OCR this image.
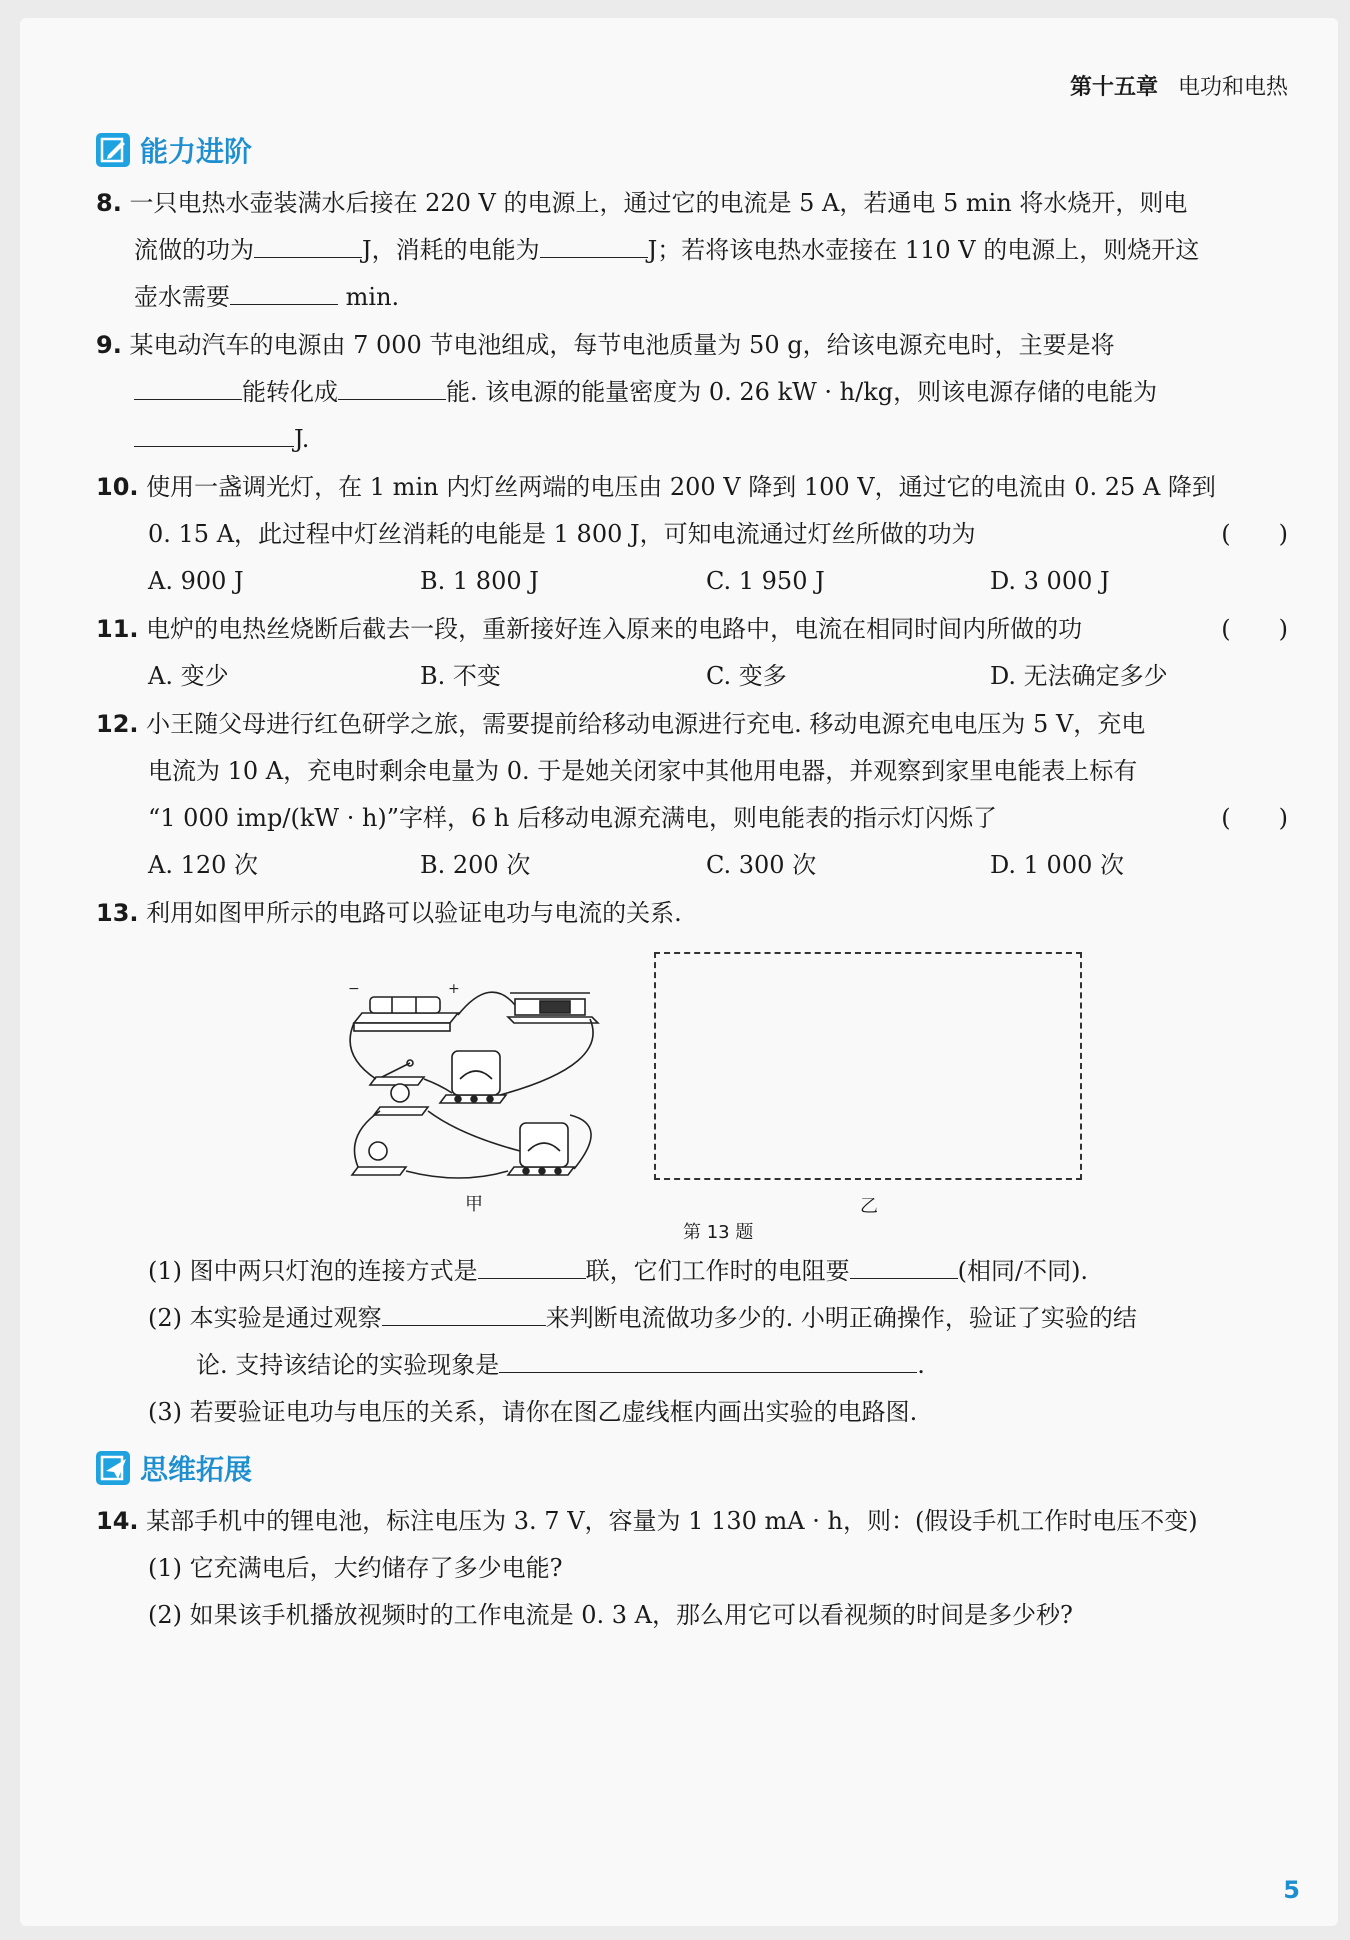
第十五章 电功和电热
能力进阶
8. 一只电热水壶装满水后接在 220 V 的电源上，通过它的电流是 5 A，若通电 5 min 将水烧开，则电
流做的功为	J，消耗的电能为	J；若将该电热水壶接在 110 V 的电源上，则烧开这
壶水需要	min.
9. 某电动汽车的电源由 7 000 节电池组成，每节电池质量为 50 g，给该电源充电时，主要是将
能转化成	能. 该电源的能量密度为 0. 26 kW · h/kg，则该电源存储的电能为
J.
10. 使用一盏调光灯，在 1 min 内灯丝两端的电压由 200 V 降到 100 V，通过它的电流由 0. 25 A 降到
0. 15 A，此过程中灯丝消耗的电能是 1 800 J，可知电流通过灯丝所做的功为	(　　)
A. 900 J	B. 1 800 J	C. 1 950 J	D. 3 000 J
11. 电炉的电热丝烧断后截去一段，重新接好连入原来的电路中，电流在相同时间内所做的功	(　　)
A. 变少	B. 不变	C. 变多	D. 无法确定多少
12. 小王随父母进行红色研学之旅，需要提前给移动电源进行充电. 移动电源充电电压为 5 V，充电
电流为 10 A，充电时剩余电量为 0. 于是她关闭家中其他用电器，并观察到家里电能表上标有
“1 000 imp/(kW · h)”字样，6 h 后移动电源充满电，则电能表的指示灯闪烁了	(　　)
A. 120 次	B. 200 次	C. 300 次	D. 1 000 次
13. 利用如图甲所示的电路可以验证电功与电流的关系.
−	+
甲	乙
第 13 题
(1) 图中两只灯泡的连接方式是	联，它们工作时的电阻要	(相同/不同).
(2) 本实验是通过观察	来判断电流做功多少的. 小明正确操作，验证了实验的结
论. 支持该结论的实验现象是	.
(3) 若要验证电功与电压的关系，请你在图乙虚线框内画出实验的电路图.
思维拓展
14. 某部手机中的锂电池，标注电压为 3. 7 V，容量为 1 130 mA · h，则：(假设手机工作时电压不变)
(1) 它充满电后，大约储存了多少电能?
(2) 如果该手机播放视频时的工作电流是 0. 3 A，那么用它可以看视频的时间是多少秒?
5
